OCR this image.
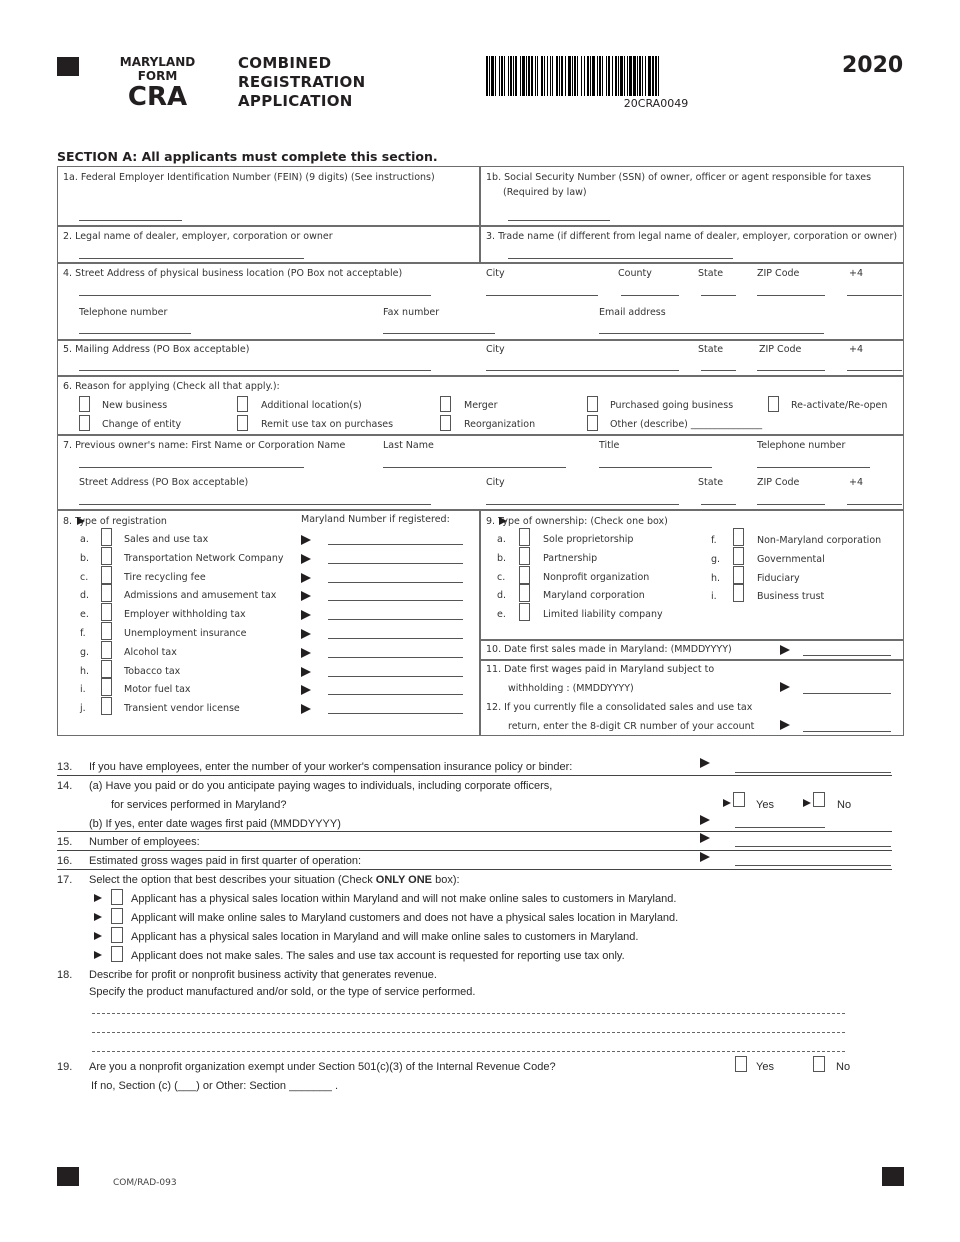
MARYLAND
FORM
CRA
COMBINED
REGISTRATION
APPLICATION	20CRA0049
2020
SECTION A: All applicants must complete this section.
1a. Federal Employer Identification Number (FEIN) (9 digits) (See instructions)	1b. Social Security Number (SSN) of owner, officer or agent responsible for taxes
(Required by law)
2. Legal name of dealer, employer, corporation or owner	3. Trade name (if different from legal name of dealer, employer, corporation or owner)
4. Street Address of physical business location (PO Box not acceptable)	City	County	State	ZIP Code	+4
Telephone number	Fax number	Email address
5. Mailing Address (PO Box acceptable)	City	State	ZIP Code	+4
6. Reason for applying (Check all that apply.):
New business	Additional location(s)	Merger	Purchased going business	Re-activate/Re-open
Change of entity	Remit use tax on purchases	Reorganization	Other (describe) _______________
7. Previous owner's name: First Name or Corporation Name	Last Name	Title	Telephone number
Street Address (PO Box acceptable)	City	State	ZIP Code	+4
8. Type of registration	Maryland Number if registered:
a.	Sales and use tax
b.	Transportation Network Company
c.	Tire recycling fee
d.	Admissions and amusement tax
e.	Employer withholding tax
f.	Unemployment insurance
g.	Alcohol tax
h.	Tobacco tax
i.	Motor fuel tax
j.	Transient vendor license
9. Type of ownership: (Check one box)
a.	Sole proprietorship
b.	Partnership
c.	Nonprofit organization
d.	Maryland corporation
e.	Limited liability company
f.	Non-Maryland corporation
g.	Governmental
h.	Fiduciary
i.	Business trust
10. Date first sales made in Maryland: (MMDDYYYY)
11. Date first wages paid in Maryland subject to
withholding : (MMDDYYYY)
12. If you currently file a consolidated sales and use tax
return, enter the 8-digit CR number of your account
13. If you have employees, enter the number of your worker's compensation insurance policy or binder:
14. (a) Have you paid or do you anticipate paying wages to individuals, including corporate officers,
for services performed in Maryland?	Yes	No
(b) If yes, enter date wages first paid (MMDDYYYY)
15. Number of employees:
16. Estimated gross wages paid in first quarter of operation:
17. Select the option that best describes your situation (Check ONLY ONE box):
Applicant has a physical sales location within Maryland and will not make online sales to customers in Maryland.
Applicant will make online sales to Maryland customers and does not have a physical sales location in Maryland.
Applicant has a physical sales location in Maryland and will make online sales to customers in Maryland.
Applicant does not make sales. The sales and use tax account is requested for reporting use tax only.
18. Describe for profit or nonprofit business activity that generates revenue.
Specify the product manufactured and/or sold, or the type of service performed.
19. Are you a nonprofit organization exempt under Section 501(c)(3) of the Internal Revenue Code?	Yes	No
If no, Section (c) (___) or Other: Section _______ .
COM/RAD-093
